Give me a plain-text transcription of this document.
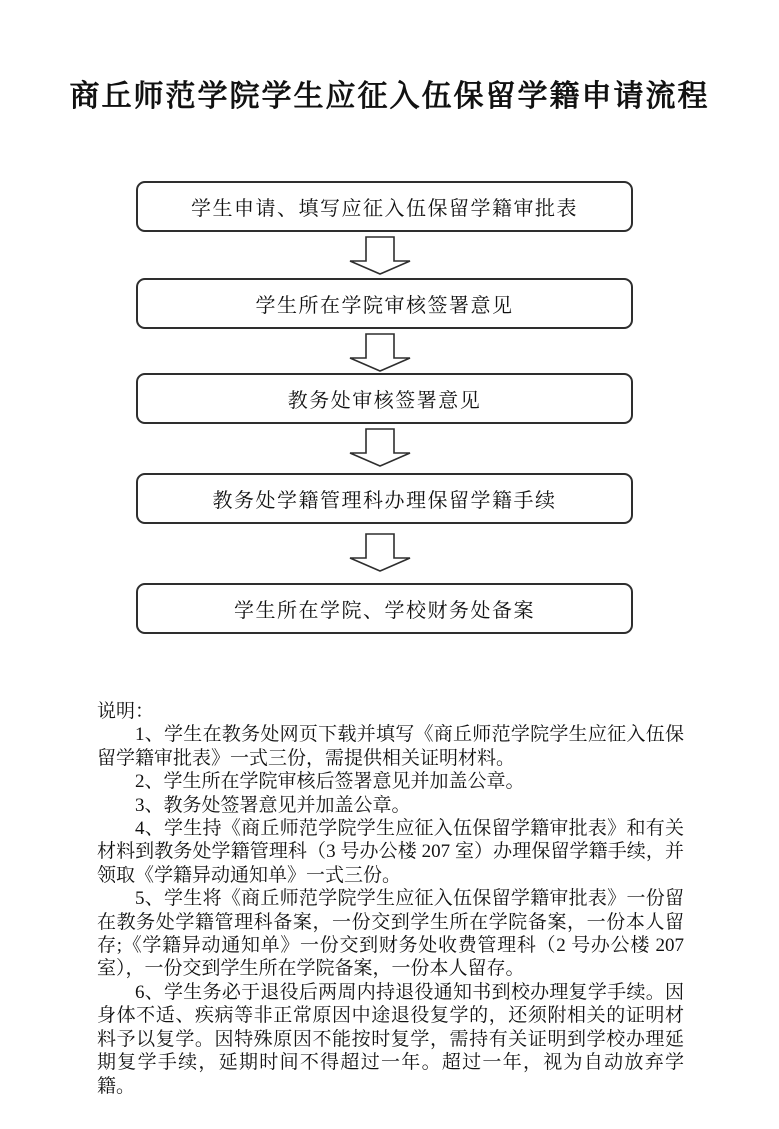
商丘师范学院学生应征入伍保留学籍申请流程
学生申请、填写应征入伍保留学籍审批表
学生所在学院审核签署意见
教务处审核签署意见
教务处学籍管理科办理保留学籍手续
学生所在学院、学校财务处备案

说明：

1、学生在教务处网页下载并填写《商丘师范学院学生应征入伍保留学籍审批表》一式三份，需提供相关证明材料。

2、学生所在学院审核后签署意见并加盖公章。

3、教务处签署意见并加盖公章。

4、学生持《商丘师范学院学生应征入伍保留学籍审批表》和有关材料到教务处学籍管理科（3 号办公楼 207 室）办理保留学籍手续，并领取《学籍异动通知单》一式三份。

5、学生将《商丘师范学院学生应征入伍保留学籍审批表》一份留在教务处学籍管理科备案，一份交到学生所在学院备案，一份本人留存;《学籍异动通知单》一份交到财务处收费管理科（2 号办公楼 207 室），一份交到学生所在学院备案，一份本人留存。

6、学生务必于退役后两周内持退役通知书到校办理复学手续。因身体不适、疾病等非正常原因中途退役复学的，还须附相关的证明材料予以复学。因特殊原因不能按时复学，需持有关证明到学校办理延期复学手续，延期时间不得超过一年。超过一年，视为自动放弃学籍。
